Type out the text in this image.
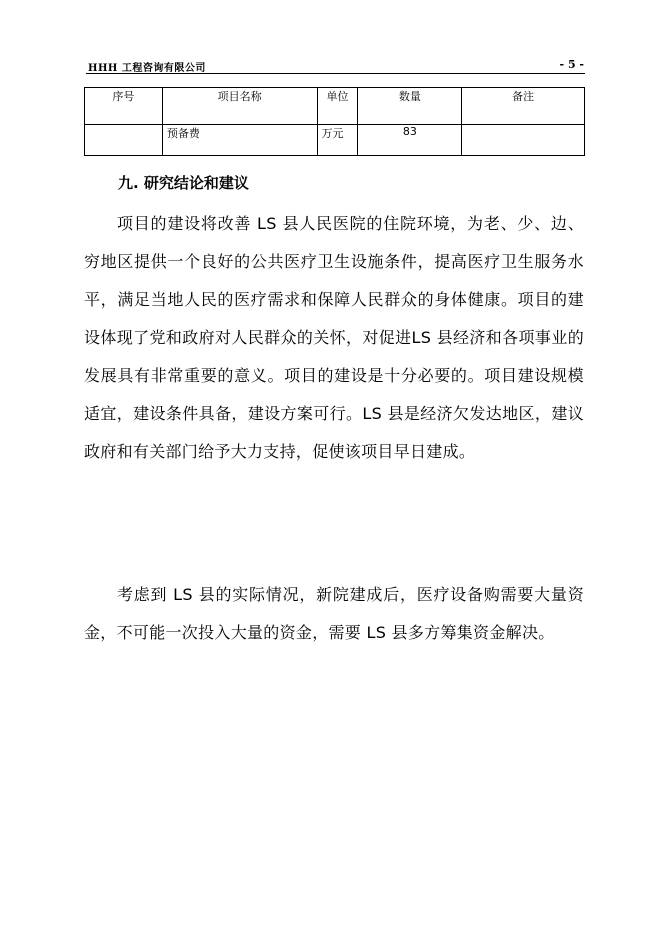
HHH 工程咨询有限公司	- 5 -
序号	项目名称	单位	数量	备注
	预备费	万元	83	
九. 研究结论和建议

项目的建设将改善 LS 县人民医院的住院环境，为老、少、边、穷地区提供一个良好的公共医疗卫生设施条件，提高医疗卫生服务水平，满足当地人民的医疗需求和保障人民群众的身体健康。项目的建设体现了党和政府对人民群众的关怀，对促进LS 县经济和各项事业的发展具有非常重要的意义。项目的建设是十分必要的。项目建设规模适宜，建设条件具备，建设方案可行。LS 县是经济欠发达地区，建议政府和有关部门给予大力支持，促使该项目早日建成。

考虑到 LS 县的实际情况，新院建成后，医疗设备购需要大量资金，不可能一次投入大量的资金，需要 LS 县多方筹集资金解决。
